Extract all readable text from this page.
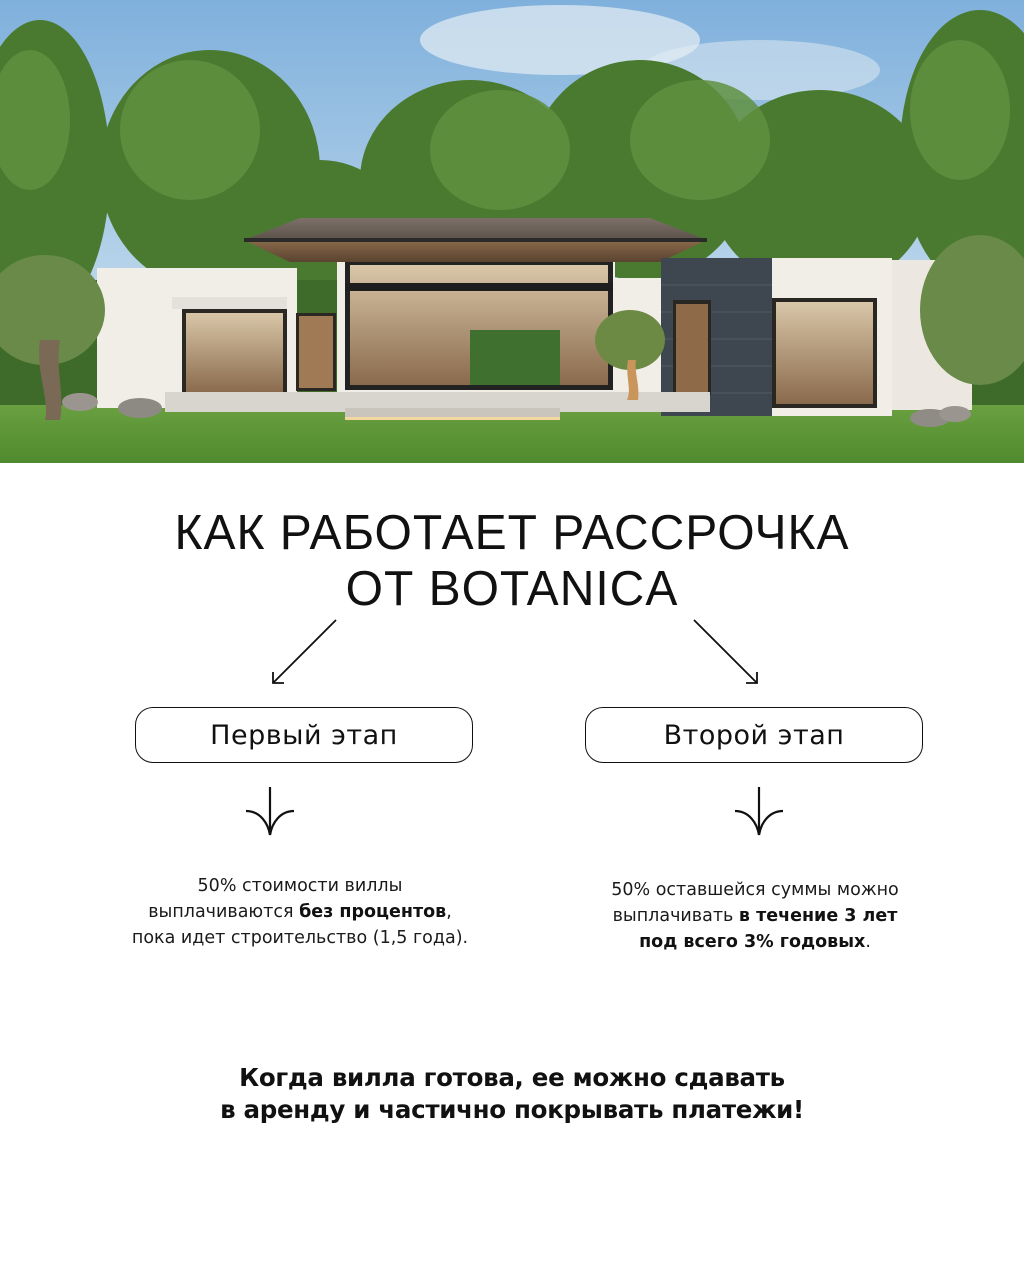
КАК РАБОТАЕТ РАССРОЧКА
ОТ BOTANICA
Первый этап	Второй этап
50% стоимости виллы
выплачиваются без процентов,
пока идет строительство (1,5 года).
50% оставшейся суммы можно
выплачивать в течение 3 лет
под всего 3% годовых.
Когда вилла готова, ее можно сдавать
в аренду и частично покрывать платежи!
